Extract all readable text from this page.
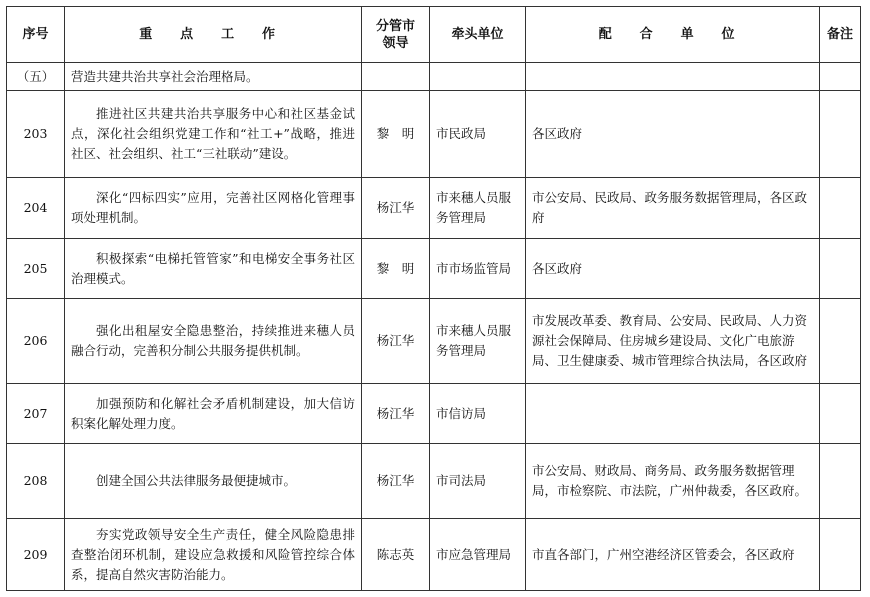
序号	重 点 工 作	分管市领导	牵头单位	配 合 单 位	备注
（五）	营造共建共治共享社会治理格局。				
203	推进社区共建共治共享服务中心和社区基金试点，深化社会组织党建工作和“社工+”战略，推进社区、社会组织、社工“三社联动”建设。	黎　明	市民政局	各区政府	
204	深化“四标四实”应用，完善社区网格化管理事项处理机制。	杨江华	市来穗人员服务管理局	市公安局、民政局、政务服务数据管理局，各区政府	
205	积极探索“电梯托管管家”和电梯安全事务社区治理模式。	黎　明	市市场监管局	各区政府	
206	强化出租屋安全隐患整治，持续推进来穗人员融合行动，完善积分制公共服务提供机制。	杨江华	市来穗人员服务管理局	市发展改革委、教育局、公安局、民政局、人力资源社会保障局、住房城乡建设局、文化广电旅游局、卫生健康委、城市管理综合执法局，各区政府	
207	加强预防和化解社会矛盾机制建设，加大信访积案化解处理力度。	杨江华	市信访局		
208	创建全国公共法律服务最便捷城市。	杨江华	市司法局	市公安局、财政局、商务局、政务服务数据管理局，市检察院、市法院，广州仲裁委，各区政府。	
209	夯实党政领导安全生产责任，健全风险隐患排查整治闭环机制，建设应急救援和风险管控综合体系，提高自然灾害防治能力。	陈志英	市应急管理局	市直各部门，广州空港经济区管委会，各区政府	
